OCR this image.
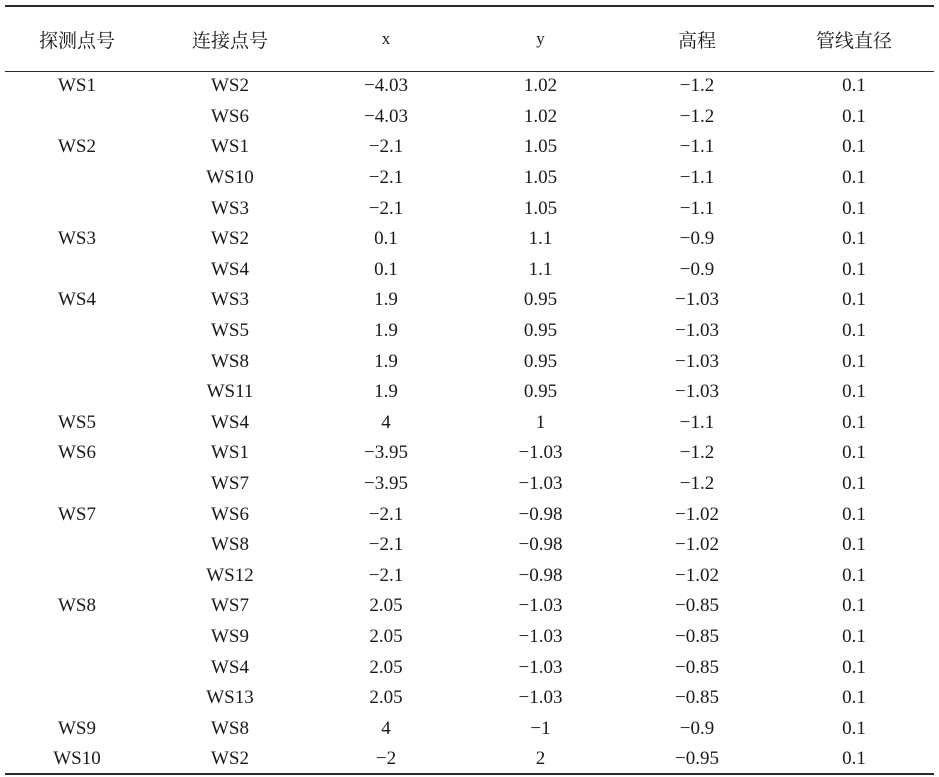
探测点号	连接点号	x	y	高程	管线直径
WS1	WS2	−4.03	1.02	−1.2	0.1
	WS6	−4.03	1.02	−1.2	0.1
WS2	WS1	−2.1	1.05	−1.1	0.1
	WS10	−2.1	1.05	−1.1	0.1
	WS3	−2.1	1.05	−1.1	0.1
WS3	WS2	0.1	1.1	−0.9	0.1
	WS4	0.1	1.1	−0.9	0.1
WS4	WS3	1.9	0.95	−1.03	0.1
	WS5	1.9	0.95	−1.03	0.1
	WS8	1.9	0.95	−1.03	0.1
	WS11	1.9	0.95	−1.03	0.1
WS5	WS4	4	1	−1.1	0.1
WS6	WS1	−3.95	−1.03	−1.2	0.1
	WS7	−3.95	−1.03	−1.2	0.1
WS7	WS6	−2.1	−0.98	−1.02	0.1
	WS8	−2.1	−0.98	−1.02	0.1
	WS12	−2.1	−0.98	−1.02	0.1
WS8	WS7	2.05	−1.03	−0.85	0.1
	WS9	2.05	−1.03	−0.85	0.1
	WS4	2.05	−1.03	−0.85	0.1
	WS13	2.05	−1.03	−0.85	0.1
WS9	WS8	4	−1	−0.9	0.1
WS10	WS2	−2	2	−0.95	0.1
